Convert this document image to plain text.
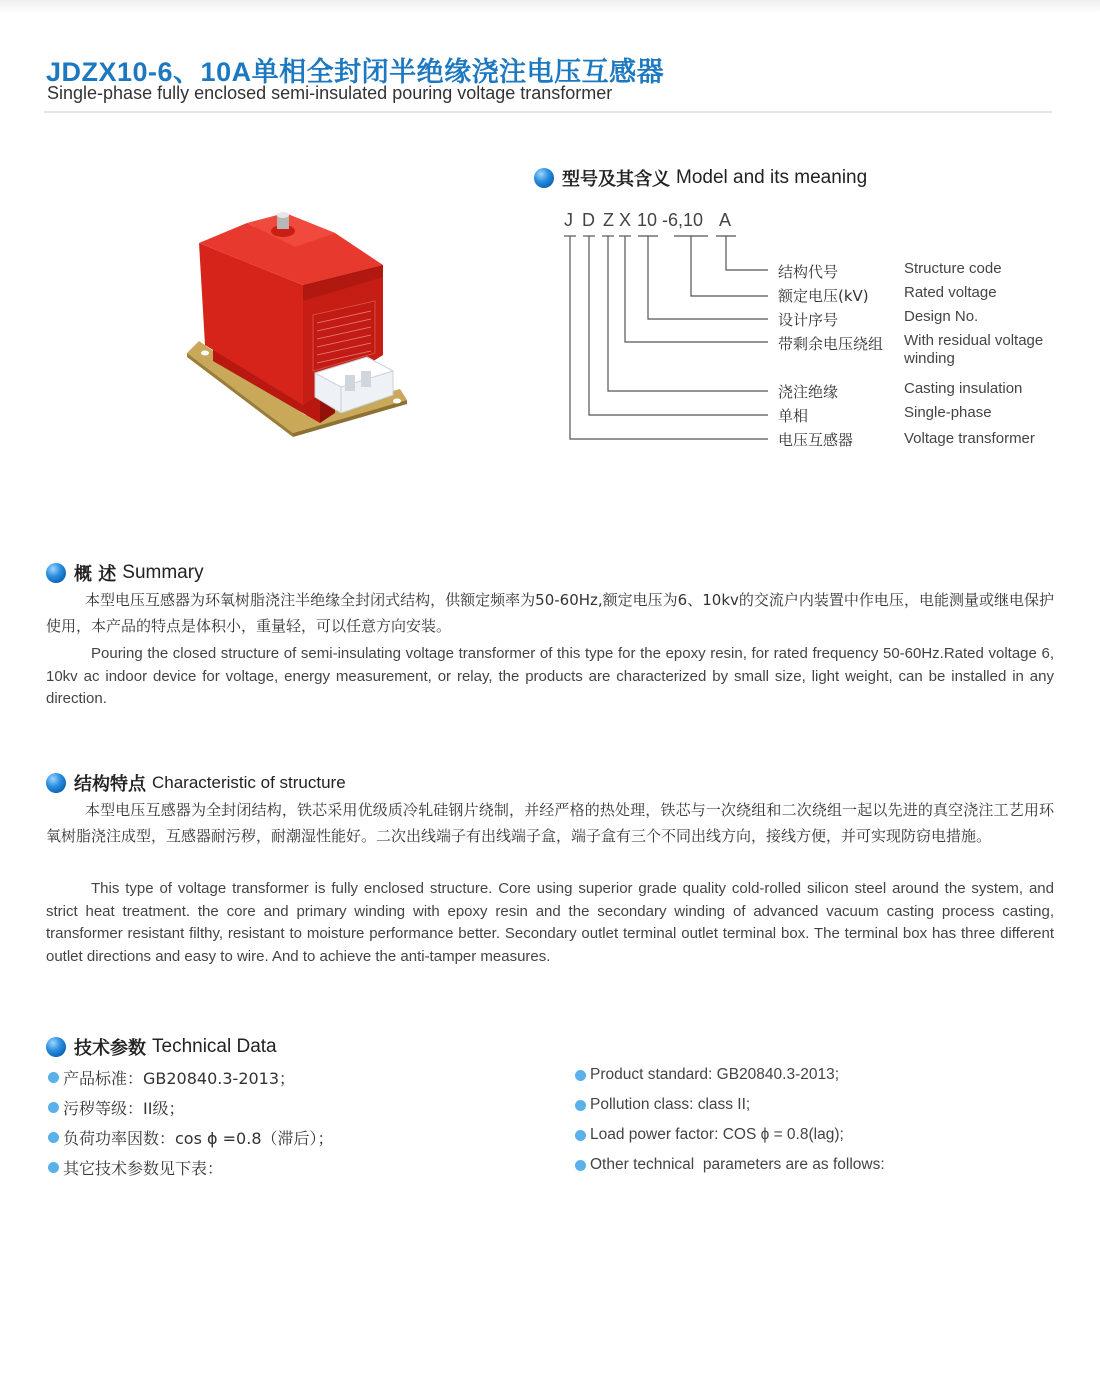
JDZX10-6、10A单相全封闭半绝缘浇注电压互感器
Single-phase fully enclosed semi-insulated pouring voltage transformer
型号及其含义 Model and its meaning
J D Z X 10 -6,10 A
结构代号	Structure code
额定电压(kV) Rated voltage
设计序号	Design No.
带剩余电压绕组 With residual voltage winding
浇注绝缘	Casting insulation
单相	Single-phase
电压互感器	Voltage transformer
概 述 Summary

本型电压互感器为环氧树脂浇注半绝缘全封闭式结构，供额定频率为50-60Hz,额定电压为6、10kv的交流户内装置中作电压，电能测量或继电保护使用，本产品的特点是体积小，重量轻，可以任意方向安装。

Pouring the closed structure of semi-insulating voltage transformer of this type for the epoxy resin, for rated frequency 50-60Hz.Rated voltage 6, 10kv ac indoor device for voltage, energy measurement, or relay, the products are characterized by small size, light weight, can be installed in any direction.

结构特点 Characteristic of structure

本型电压互感器为全封闭结构，铁芯采用优级质冷轧硅钢片绕制，并经严格的热处理，铁芯与一次绕组和二次绕组一起以先进的真空浇注工艺用环氧树脂浇注成型，互感器耐污秽，耐潮湿性能好。二次出线端子有出线端子盒，端子盒有三个不同出线方向，接线方便，并可实现防窃电措施。

This type of voltage transformer is fully enclosed structure. Core using superior grade quality cold-rolled silicon steel around the system, and strict heat treatment. the core and primary winding with epoxy resin and the secondary winding of advanced vacuum casting process casting, transformer resistant filthy, resistant to moisture performance better. Secondary outlet terminal outlet terminal box. The terminal box has three different outlet directions and easy to wire. And to achieve the anti-tamper measures.

技术参数 Technical Data
产品标准：GB20840.3-2013；
污秽等级：II级；
负荷功率因数：cos ϕ =0.8（滞后）；
其它技术参数见下表：
Product standard: GB20840.3-2013;
Pollution class: class II;
Load power factor: COS ϕ = 0.8(lag);
Other technical  parameters are as follows:
